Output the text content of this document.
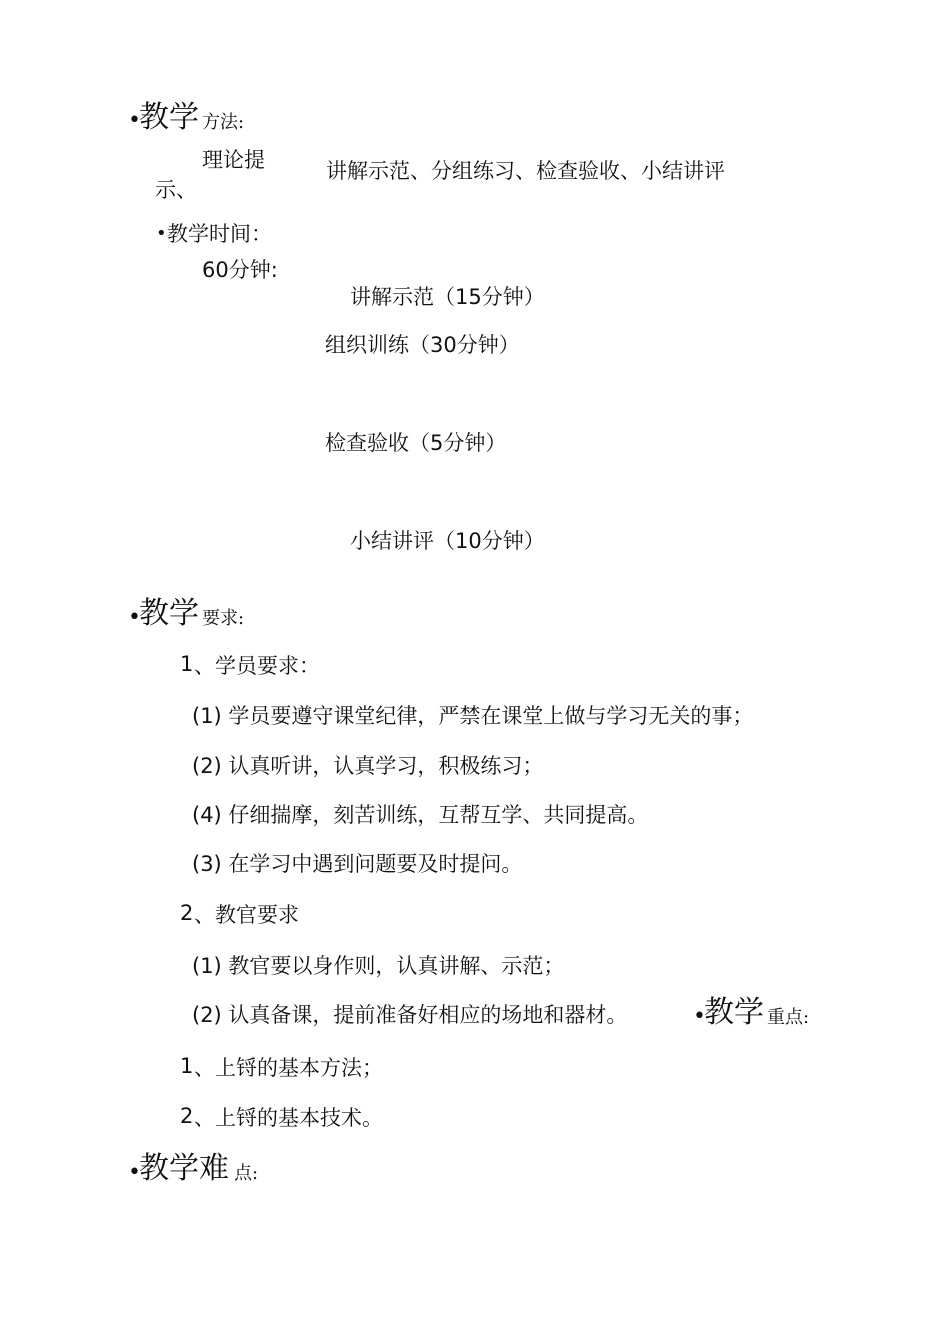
•
教学 方法:
理论提
示、
讲解示范、分组练习、检查验收、小结讲评
• 教学时间：
60分钟:
讲解示范（15分钟）
组织训练（30分钟）
检查验收（5分钟）
小结讲评（10分钟）
•
教学 要求:
1 、学员要求：
(1) 学员要遵守课堂纪律，严禁在课堂上做与学习无关的事；
(2) 认真听讲，认真学习，积极练习；
(4) 仔细揣摩，刻苦训练，互帮互学、共同提高。
(3) 在学习中遇到问题要及时提问。
2 、教官要求
(1) 教官要以身作则，认真讲解、示范；
(2) 认真备课，提前准备好相应的场地和器材。	•
教学 重点:
1 、上锊的基本方法；
2 、上锊的基本技术。
•
教学难 点:
